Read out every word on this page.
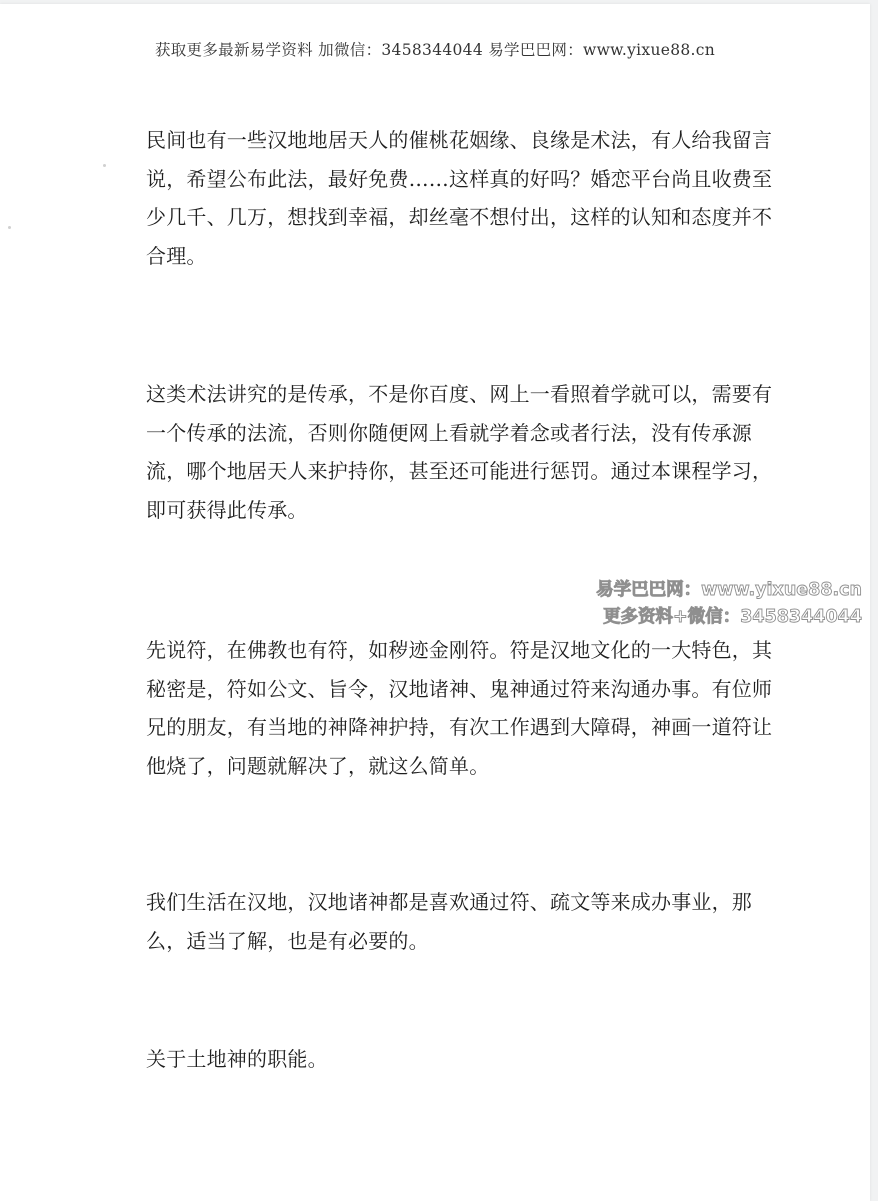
获取更多最新易学资料 加微信：3458344044 易学巴巴网：www.yixue88.cn

民间也有一些汉地地居天人的催桃花姻缘、良缘是术法，有人给我留言说，希望公布此法，最好免费……这样真的好吗？婚恋平台尚且收费至少几千、几万，想找到幸福，却丝毫不想付出，这样的认知和态度并不合理。

这类术法讲究的是传承，不是你百度、网上一看照着学就可以，需要有一个传承的法流，否则你随便网上看就学着念或者行法，没有传承源流，哪个地居天人来护持你，甚至还可能进行惩罚。通过本课程学习，即可获得此传承。

先说符，在佛教也有符，如秽迹金刚符。符是汉地文化的一大特色，其秘密是，符如公文、旨令，汉地诸神、鬼神通过符来沟通办事。有位师兄的朋友，有当地的神降神护持，有次工作遇到大障碍，神画一道符让他烧了，问题就解决了，就这么简单。

我们生活在汉地，汉地诸神都是喜欢通过符、疏文等来成办事业，那么，适当了解，也是有必要的。

关于土地神的职能。

易学巴巴网：www.yixue88.cn
更多资料+微信：3458344044
